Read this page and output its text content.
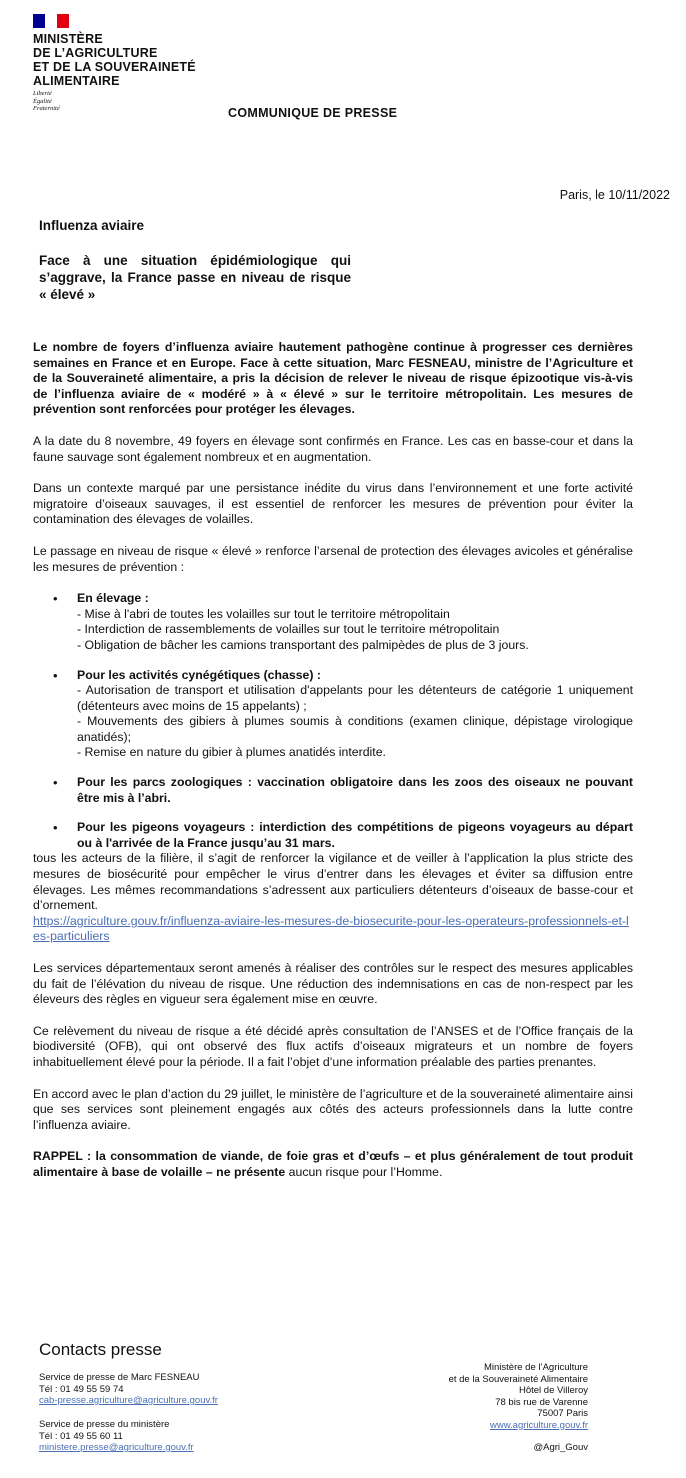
MINISTÈRE
DE L’AGRICULTURE
ET DE LA SOUVERAINETÉ
ALIMENTAIRE
Liberté
Égalité
Fraternité	COMMUNIQUE DE PRESSE
Paris, le 10/11/2022
Influenza aviaire
Face à une situation épidémiologique qui s’aggrave, la France passe en niveau de risque « élevé »

Le nombre de foyers d’influenza aviaire hautement pathogène continue à progresser ces dernières semaines en France et en Europe. Face à cette situation, Marc FESNEAU, ministre de l’Agriculture et de la Souveraineté alimentaire, a pris la décision de relever le niveau de risque épizootique vis-à-vis de l’influenza aviaire de « modéré » à « élevé » sur le territoire métropolitain. Les mesures de prévention sont renforcées pour protéger les élevages.

A la date du 8 novembre, 49 foyers en élevage sont confirmés en France. Les cas en basse-cour et dans la faune sauvage sont également nombreux et en augmentation.

Dans un contexte marqué par une persistance inédite du virus dans l’environnement et une forte activité migratoire d’oiseaux sauvages, il est essentiel de renforcer les mesures de prévention pour éviter la contamination des élevages de volailles.

Le passage en niveau de risque « élevé » renforce l’arsenal de protection des élevages avicoles et généralise les mesures de prévention :

• En élevage :
- Mise à l'abri de toutes les volailles sur tout le territoire métropolitain
- Interdiction de rassemblements de volailles sur tout le territoire métropolitain
- Obligation de bâcher les camions transportant des palmipèdes de plus de 3 jours.
• Pour les activités cynégétiques (chasse) :
- Autorisation de transport et utilisation d'appelants pour les détenteurs de catégorie 1 uniquement (détenteurs avec moins de 15 appelants) ;
- Mouvements des gibiers à plumes soumis à conditions (examen clinique, dépistage virologique anatidés);
- Remise en nature du gibier à plumes anatidés interdite.
• Pour les parcs zoologiques : vaccination obligatoire dans les zoos des oiseaux ne pouvant être mis à l’abri.
• Pour les pigeons voyageurs : interdiction des compétitions de pigeons voyageurs au départ ou à l'arrivée de la France jusqu’au 31 mars.

tous les acteurs de la filière, il s’agit de renforcer la vigilance et de veiller à l’application la plus stricte des mesures de biosécurité pour empêcher le virus d’entrer dans les élevages et éviter sa diffusion entre élevages. Les mêmes recommandations s’adressent aux particuliers détenteurs d’oiseaux de basse-cour et d’ornement.

https://agriculture.gouv.fr/influenza-aviaire-les-mesures-de-biosecurite-pour-les-operateurs-professionnels-et-les-particuliers

Les services départementaux seront amenés à réaliser des contrôles sur le respect des mesures applicables du fait de l’élévation du niveau de risque. Une réduction des indemnisations en cas de non-respect par les éleveurs des règles en vigueur sera également mise en œuvre.

Ce relèvement du niveau de risque a été décidé après consultation de l’ANSES et de l’Office français de la biodiversité (OFB), qui ont observé des flux actifs d’oiseaux migrateurs et un nombre de foyers inhabituellement élevé pour la période. Il a fait l’objet d’une information préalable des parties prenantes.

En accord avec le plan d’action du 29 juillet, le ministère de l’agriculture et de la souveraineté alimentaire ainsi que ses services sont pleinement engagés aux côtés des acteurs professionnels dans la lutte contre l’influenza aviaire.

RAPPEL : la consommation de viande, de foie gras et d’œufs – et plus généralement de tout produit alimentaire à base de volaille – ne présente aucun risque pour l’Homme.

Contacts presse
Service de presse de Marc FESNEAU
Tél : 01 49 55 59 74
cab-presse.agriculture@agriculture.gouv.fr
Service de presse du ministère
Tél : 01 49 55 60 11
ministere.presse@agriculture.gouv.fr
Ministère de l’Agriculture
et de la Souveraineté Alimentaire
Hôtel de Villeroy
78 bis rue de Varenne
75007 Paris
www.agriculture.gouv.fr
@Agri_Gouv
